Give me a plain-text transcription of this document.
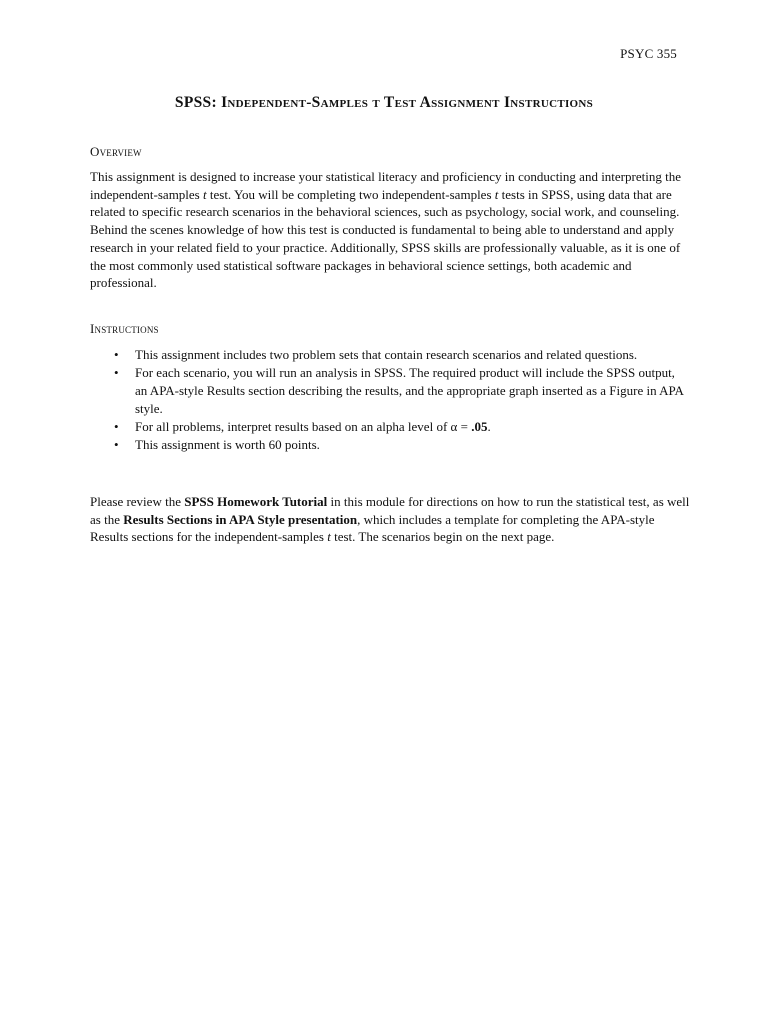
PSYC 355
SPSS: Independent-Samples t Test Assignment Instructions
Overview

This assignment is designed to increase your statistical literacy and proficiency in conducting and interpreting the independent-samples t test. You will be completing two independent-samples t tests in SPSS, using data that are related to specific research scenarios in the behavioral sciences, such as psychology, social work, and counseling. Behind the scenes knowledge of how this test is conducted is fundamental to being able to understand and apply research in your related field to your practice. Additionally, SPSS skills are professionally valuable, as it is one of the most commonly used statistical software packages in behavioral science settings, both academic and professional.

Instructions
• This assignment includes two problem sets that contain research scenarios and related questions.
• For each scenario, you will run an analysis in SPSS. The required product will include the SPSS output, an APA-style Results section describing the results, and the appropriate graph inserted as a Figure in APA style.
• For all problems, interpret results based on an alpha level of α = .05.
• This assignment is worth 60 points.

Please review the SPSS Homework Tutorial in this module for directions on how to run the statistical test, as well as the Results Sections in APA Style presentation, which includes a template for completing the APA-style Results sections for the independent-samples t test. The scenarios begin on the next page.
